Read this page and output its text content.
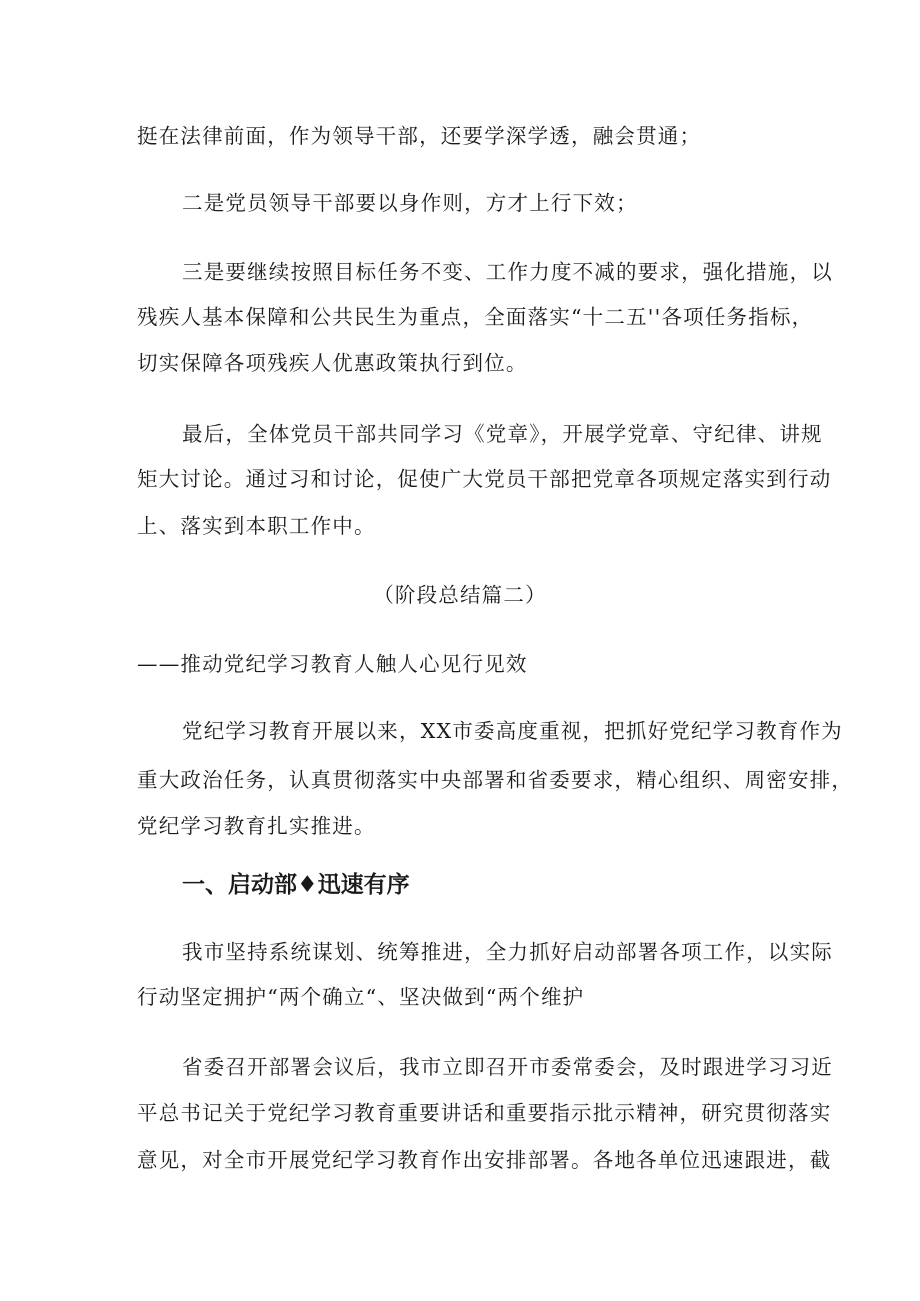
挺在法律前面，作为领导干部，还要学深学透，融会贯通；
二是党员领导干部要以身作则，方才上行下效；
三是要继续按照目标任务不变、工作力度不减的要求，强化措施，以
残疾人基本保障和公共民生为重点，全面落实“十二五''各项任务指标，
切实保障各项残疾人优惠政策执行到位。
最后，全体党员干部共同学习《党章》，开展学党章、守纪律、讲规
矩大讨论。通过习和讨论，促使广大党员干部把党章各项规定落实到行动
上、落实到本职工作中。
（阶段总结篇二）
——推动党纪学习教育人触人心见行见效
党纪学习教育开展以来，XX市委高度重视，把抓好党纪学习教育作为
重大政治任务，认真贯彻落实中央部署和省委要求，精心组织、周密安排，
党纪学习教育扎实推进。
一、启动部♦迅速有序
我市坚持系统谋划、统筹推进，全力抓好启动部署各项工作，以实际
行动坚定拥护“两个确立“、坚决做到“两个维护
省委召开部署会议后，我市立即召开市委常委会，及时跟进学习习近
平总书记关于党纪学习教育重要讲话和重要指示批示精神，研究贯彻落实
意见，对全市开展党纪学习教育作出安排部署。各地各单位迅速跟进，截
